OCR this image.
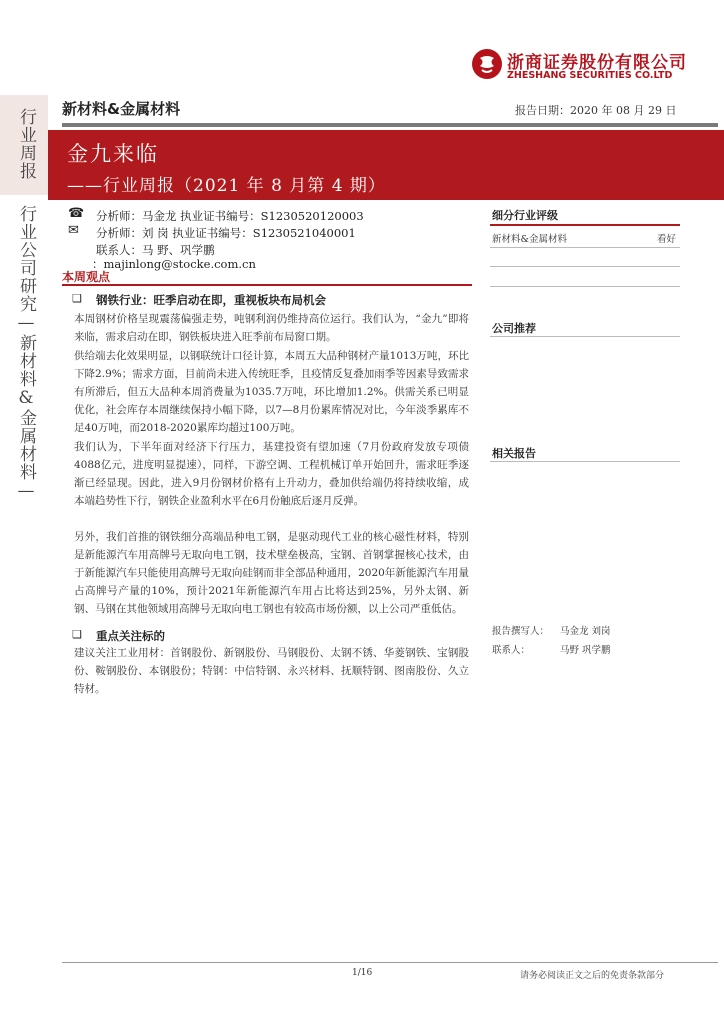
浙商证券股份有限公司
ZHESHANG SECURITIES CO.LTD
行业周报
行业公司研究—新材料&金属材料—
新材料&金属材料	报告日期：2020 年 08 月 29 日
金九来临
——行业周报（2021 年 8 月第 4 期）
☎
✉
分析师：马金龙 执业证书编号：S1230520120003
分析师：刘 岗 执业证书编号：S1230521040001
联系人：马 野、巩学鹏
：majinlong@stocke.com.cn
细分行业评级
新材料&金属材料	看好
公司推荐
相关报告
报告撰写人： 马金龙 刘岗
联系人：	马野 巩学鹏
本周观点
❑ 钢铁行业：旺季启动在即，重视板块布局机会
本周钢材价格呈现震荡偏强走势，吨钢利润仍维持高位运行。我们认为，“金九”即将来临，需求启动在即，钢铁板块进入旺季前布局窗口期。
供给端去化效果明显，以钢联统计口径计算，本周五大品种钢材产量1013万吨，环比下降2.9%；需求方面，目前尚未进入传统旺季，且疫情反复叠加雨季等因素导致需求有所滞后，但五大品种本周消费量为1035.7万吨，环比增加1.2%。供需关系已明显优化，社会库存本周继续保持小幅下降，以7—8月份累库情况对比，今年淡季累库不足40万吨，而2018-2020累库均超过100万吨。
我们认为，下半年面对经济下行压力，基建投资有望加速（7月份政府发放专项债4088亿元，进度明显提速），同样，下游空调、工程机械订单开始回升，需求旺季逐渐已经显现。因此，进入9月份钢材价格有上升动力，叠加供给端仍将持续收缩，成本端趋势性下行，钢铁企业盈利水平在6月份触底后逐月反弹。
另外，我们首推的钢铁细分高端品种电工钢，是驱动现代工业的核心磁性材料，特别是新能源汽车用高牌号无取向电工钢，技术壁垒极高，宝钢、首钢掌握核心技术，由于新能源汽车只能使用高牌号无取向硅钢而非全部品种通用，2020年新能源汽车用量占高牌号产量的10%，预计2021年新能源汽车用占比将达到25%，另外太钢、新钢、马钢在其他领域用高牌号无取向电工钢也有较高市场份额，以上公司严重低估。
❑ 重点关注标的
建议关注工业用材：首钢股份、新钢股份、马钢股份、太钢不锈、华菱钢铁、宝钢股份、鞍钢股份、本钢股份；特钢：中信特钢、永兴材料、抚顺特钢、图南股份、久立特材。
1/16	请务必阅读正文之后的免责条款部分
